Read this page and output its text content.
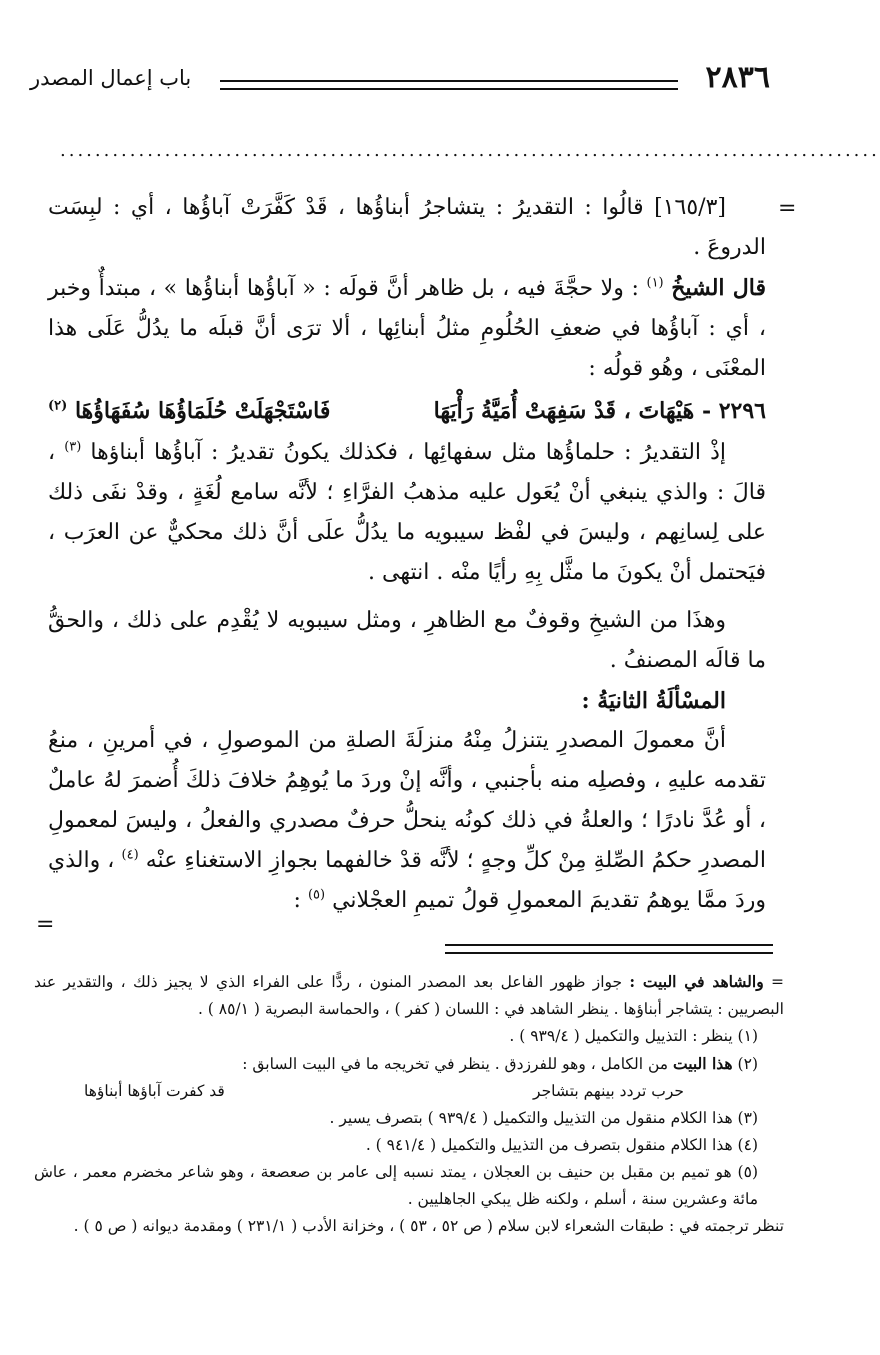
٢٨٣٦
باب إعمال المصدر
..............................................................................................
=
=

[١٦٥/٣] قالُوا : التقديرُ : يتشاجرُ أبناؤُها ، قَدْ كَفَّرَتْ آباؤُها ، أي : لبِسَت الدروعَ .

قال الشيخُ $^{(١)}$ : ولا حجَّةَ فيه ، بل ظاهر أنَّ قولَه : « آباؤُها أبناؤُها » ، مبتدأٌ وخبر ، أي : آباؤُها في ضعفِ الحُلُومِ مثلُ أبنائِها ، ألا ترَى أنَّ قبلَه ما يدُلُّ عَلَى هذا المعْنَى ، وهُو قولُه :

٢٢٩٦ - هَيْهَاتَ ، قَدْ سَفِهَتْ أُمَيَّةُ رَأْيَهَا
فَاسْتَجْهَلَتْ حُلَمَاؤُهَا سُفَهَاؤُهَا $^{(٢)}$

إذْ التقديرُ : حلماؤُها مثل سفهائِها ، فكذلك يكونُ تقديرُ : آباؤُها أبناؤها $^{(٣)}$ ، قالَ : والذي ينبغي أنْ يُعَول عليه مذهبُ الفرَّاءِ ؛ لأنَّه سامع لُغَةٍ ، وقدْ نفَى ذلك على لِسانِهم ، وليسَ في لفْظ سيبويه ما يدُلُّ علَى أنَّ ذلك محكيٌّ عن العرَب ، فيَحتمل أنْ يكونَ ما مثَّل بِهِ رأيًا منْه . انتهى .

وهذَا من الشيخِ وقوفٌ مع الظاهرِ ، ومثل سيبويه لا يُقْدِم على ذلك ، والحقُّ ما قالَه المصنفُ .

المسْألَةُ الثانيَةُ :

أنَّ معمولَ المصدرِ يتنزلُ مِنْهُ منزلَةَ الصلةِ من الموصولِ ، في أمرينِ ، منعُ تقدمه عليهِ ، وفصلِه منه بأجنبي ، وأنَّه إنْ وردَ ما يُوهِمُ خلافَ ذلكَ أُضمرَ لهُ عاملٌ ، أو عُدَّ نادرًا ؛ والعلةُ في ذلك كونُه ينحلُّ حرفٌ مصدري والفعلُ ، وليسَ لمعمولِ المصدرِ حكمُ الصِّلةِ مِنْ كلِّ وجهٍ ؛ لأنَّه قدْ خالفهما بجوازِ الاستغناءِ عنْه $^{(٤)}$ ، والذي وردَ ممَّا يوهمُ تقديمَ المعمولِ قولُ تميمِ العجْلاني $^{(٥)}$ :

= والشاهد في البيت : جواز ظهور الفاعل بعد المصدر المنون ، ردًّا على الفراء الذي لا يجيز ذلك ، والتقدير عند البصريين : يتشاجر أبناؤها . ينظر الشاهد في : اللسان ( كفر ) ، والحماسة البصرية ( ٨٥/١ ) .

(١) ينظر : التذييل والتكميل ( ٩٣٩/٤ ) .

(٢) هذا البيت من الكامل ، وهو للفرزدق . ينظر في تخريجه ما في البيت السابق :

حرب تردد بينهم بتشاجر
قد كفرت آباؤها أبناؤها

(٣) هذا الكلام منقول من التذييل والتكميل ( ٩٣٩/٤ ) بتصرف يسير .

(٤) هذا الكلام منقول بتصرف من التذييل والتكميل ( ٩٤١/٤ ) .

(٥) هو تميم بن مقبل بن حنيف بن العجلان ، يمتد نسبه إلى عامر بن صعصعة ، وهو شاعر مخضرم معمر ، عاش مائة وعشرين سنة ، أسلم ، ولكنه ظل يبكي الجاهليين .

تنظر ترجمته في : طبقات الشعراء لابن سلام ( ص ٥٢ ، ٥٣ ) ، وخزانة الأدب ( ٢٣١/١ ) ومقدمة ديوانه ( ص ٥ ) .
